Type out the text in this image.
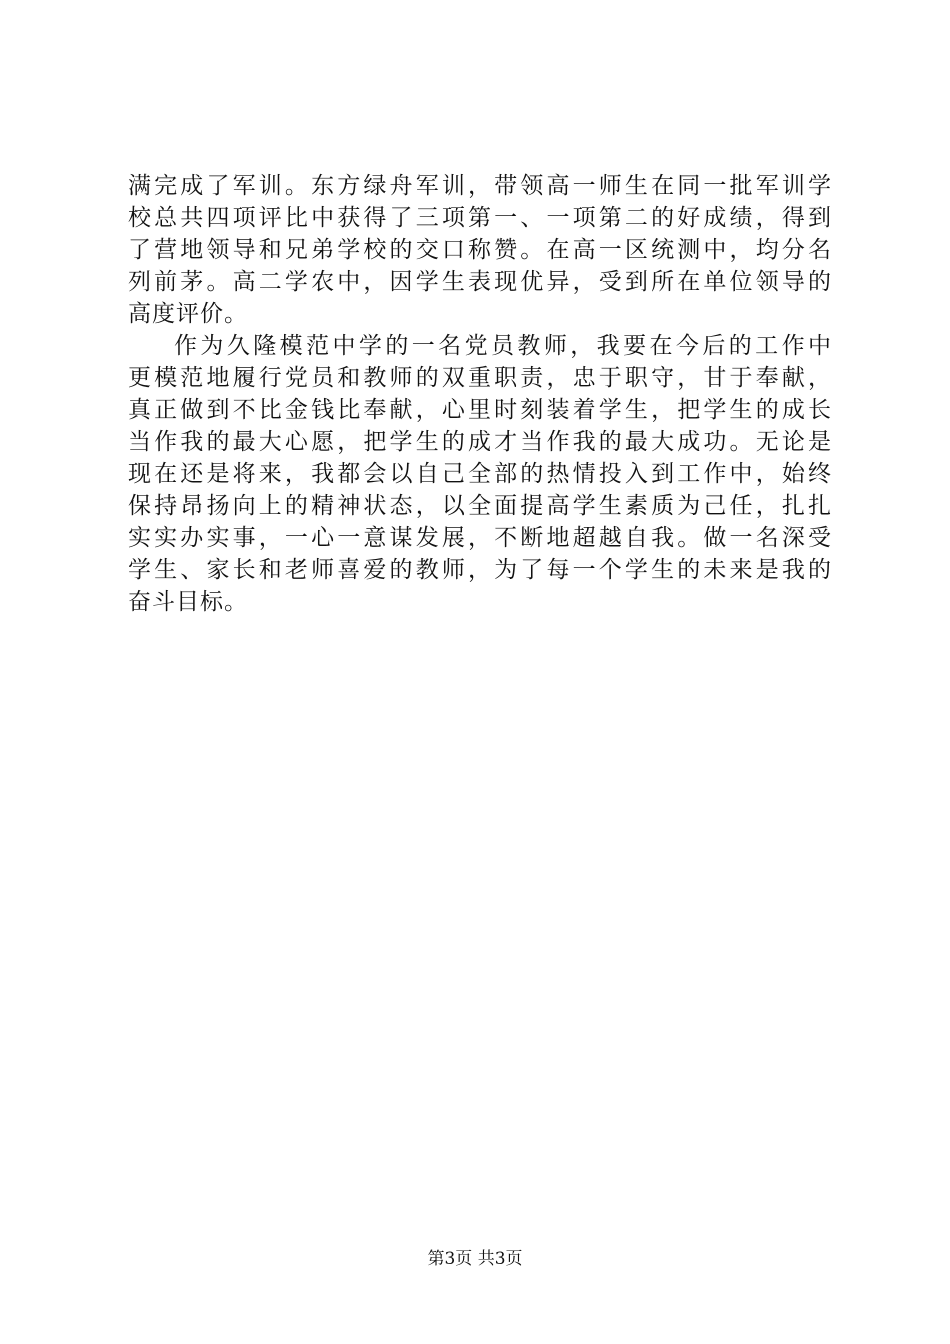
满完成了军训。东方绿舟军训，带领高一师生在同一批军训学
校总共四项评比中获得了三项第一、一项第二的好成绩，得到
了营地领导和兄弟学校的交口称赞。在高一区统测中，均分名
列前茅。高二学农中，因学生表现优异，受到所在单位领导的
高度评价。
作为久隆模范中学的一名党员教师，我要在今后的工作中
更模范地履行党员和教师的双重职责，忠于职守，甘于奉献，
真正做到不比金钱比奉献，心里时刻装着学生，把学生的成长
当作我的最大心愿，把学生的成才当作我的最大成功。无论是
现在还是将来，我都会以自己全部的热情投入到工作中，始终
保持昂扬向上的精神状态，以全面提高学生素质为己任，扎扎
实实办实事，一心一意谋发展，不断地超越自我。做一名深受
学生、家长和老师喜爱的教师，为了每一个学生的未来是我的
奋斗目标。
第3页 共3页
